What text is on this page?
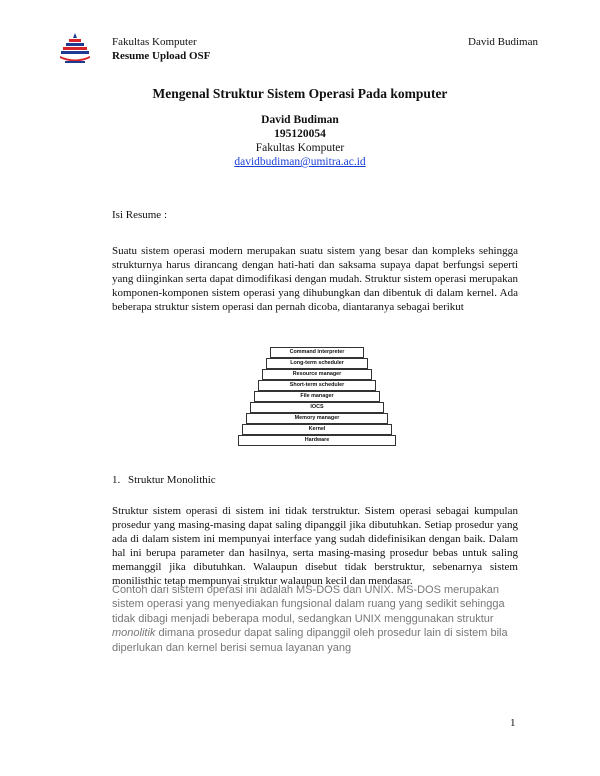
Fakultas Komputer	David Budiman
Resume Upload OSF
Mengenal Struktur Sistem Operasi Pada komputer
David Budiman
195120054
Fakultas Komputer
davidbudiman@umitra.ac.id
Isi Resume :
Suatu sistem operasi modern merupakan suatu sistem yang besar dan kompleks sehingga strukturnya harus dirancang dengan hati-hati dan saksama supaya dapat berfungsi seperti yang diinginkan serta dapat dimodifikasi dengan mudah. Struktur sistem operasi merupakan komponen-komponen sistem operasi yang dihubungkan dan dibentuk di dalam kernel. Ada beberapa struktur sistem operasi dan pernah dicoba, diantaranya sebagai berikut
Command interpreter
Long-term scheduler
Resource manager
Short-term scheduler
File manager
IOCS
Memory manager
Kernel
Hardware
1. Struktur Monolithic
Struktur sistem operasi di sistem ini tidak terstruktur. Sistem operasi sebagai kumpulan prosedur yang masing-masing dapat saling dipanggil jika dibutuhkan. Setiap prosedur yang ada di dalam sistem ini mempunyai interface yang sudah didefinisikan dengan baik. Dalam hal ini berupa parameter dan hasilnya, serta masing-masing prosedur bebas untuk saling memanggil jika dibutuhkan. Walaupun disebut tidak berstruktur, sebenarnya sistem monilisthic tetap mempunyai struktur walaupun kecil dan mendasar.
Contoh dari sistem operasi ini adalah MS-DOS dan UNIX. MS-DOS merupakan sistem operasi yang menyediakan fungsional dalam ruang yang sedikit sehingga tidak dibagi menjadi beberapa modul, sedangkan UNIX menggunakan struktur monolitik dimana prosedur dapat saling dipanggil oleh prosedur lain di sistem bila diperlukan dan kernel berisi semua layanan yang
1
